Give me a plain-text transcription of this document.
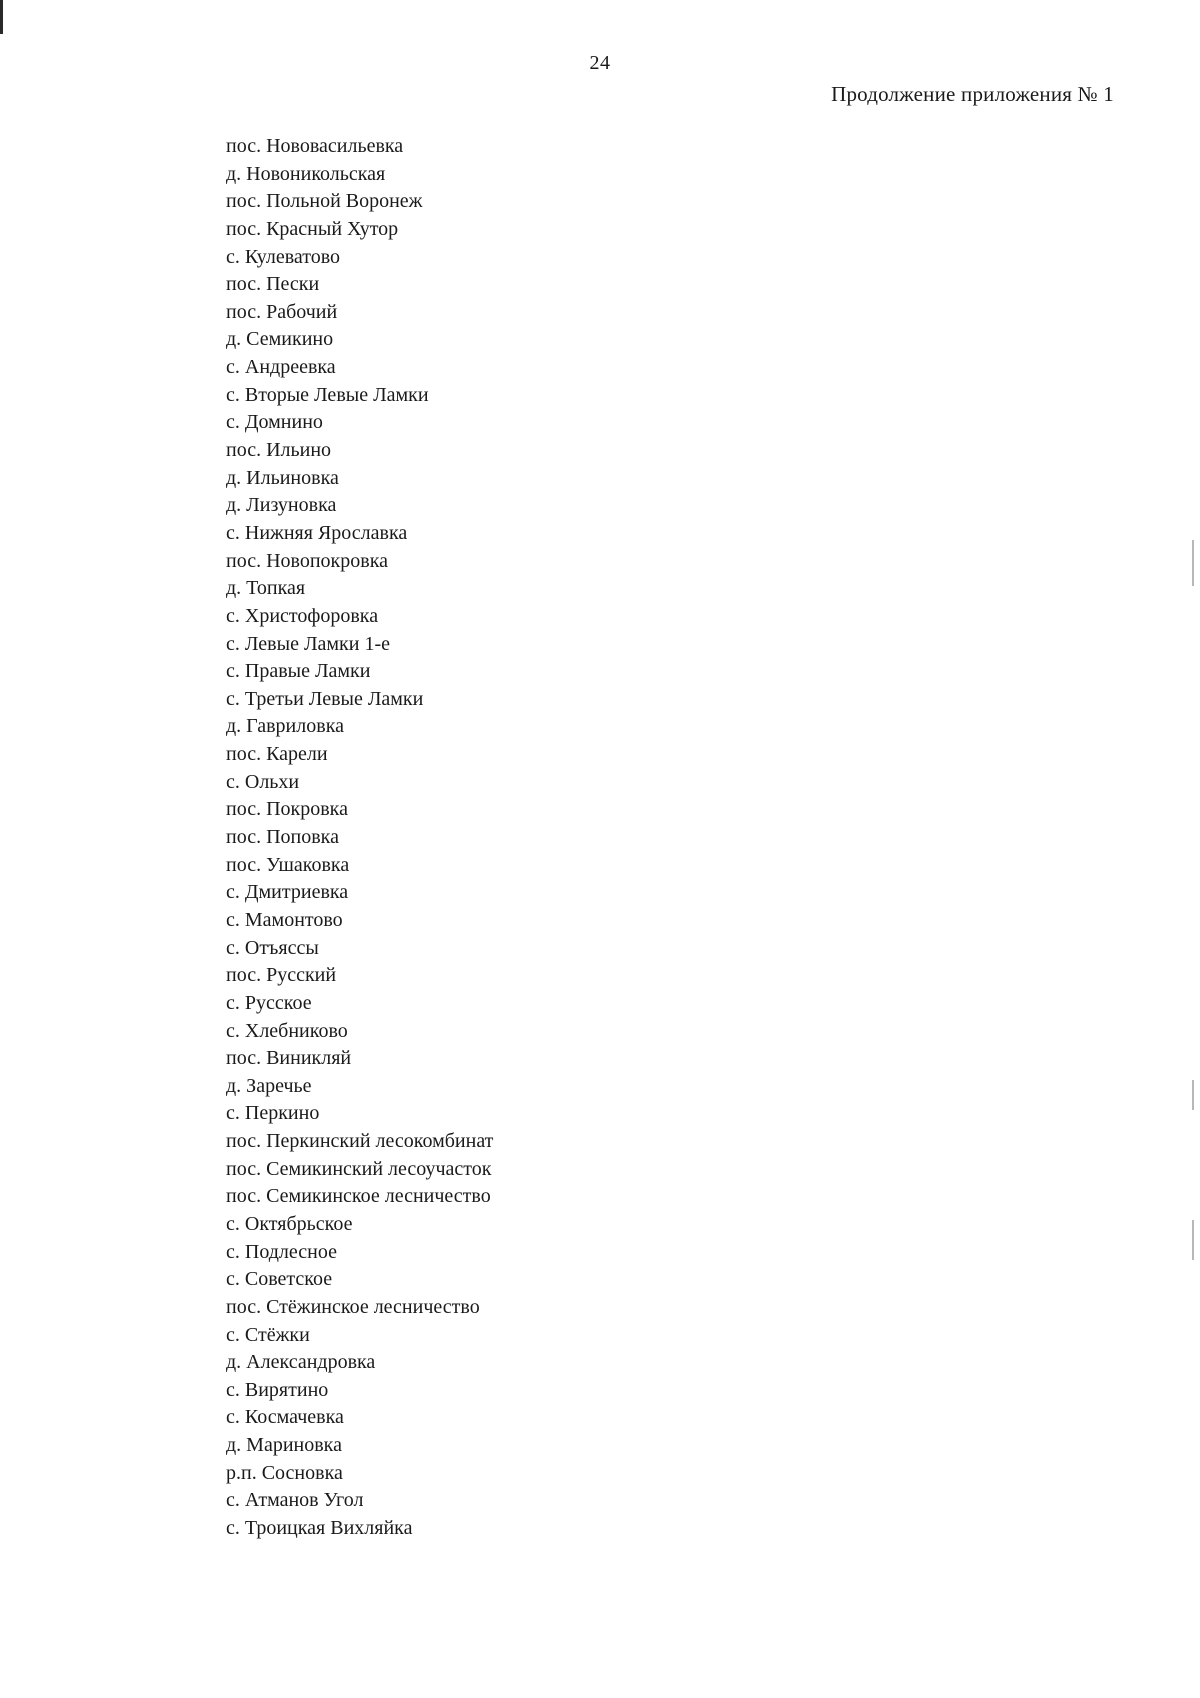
24
Продолжение приложения № 1
пос. Нововасильевка
д. Новоникольская
пос. Польной Воронеж
пос. Красный Хутор
с. Кулеватово
пос. Пески
пос. Рабочий
д. Семикино
с. Андреевка
с. Вторые Левые Ламки
с. Домнино
пос. Ильино
д. Ильиновка
д. Лизуновка
с. Нижняя Ярославка
пос. Новопокровка
д. Топкая
с. Христофоровка
с. Левые Ламки 1-е
с. Правые Ламки
с. Третьи Левые Ламки
д. Гавриловка
пос. Карели
с. Ольхи
пос. Покровка
пос. Поповка
пос. Ушаковка
с. Дмитриевка
с. Мамонтово
с. Отъяссы
пос. Русский
с. Русское
с. Хлебниково
пос. Виникляй
д. Заречье
с. Перкино
пос. Перкинский лесокомбинат
пос. Семикинский лесоучасток
пос. Семикинское лесничество
с. Октябрьское
с. Подлесное
с. Советское
пос. Стёжинское лесничество
с. Стёжки
д. Александровка
с. Вирятино
с. Космачевка
д. Мариновка
р.п. Сосновка
с. Атманов Угол
с. Троицкая Вихляйка
